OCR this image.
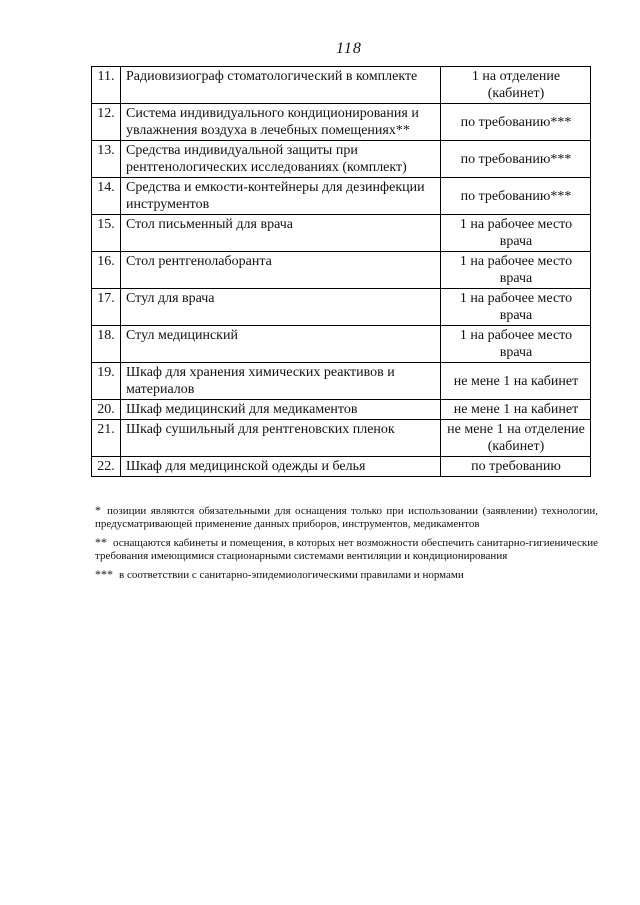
118
11.	Радиовизиограф стоматологический в комплекте	1 на отделение (кабинет)
12.	Система индивидуального кондиционирования и увлажнения воздуха в лечебных помещениях**	по требованию***
13.	Средства индивидуальной защиты при рентгенологических исследованиях (комплект)	по требованию***
14.	Средства и емкости-контейнеры для дезинфекции инструментов	по требованию***
15.	Стол письменный для врача	1 на рабочее место врача
16.	Стол рентгенолаборанта	1 на рабочее место врача
17.	Стул для врача	1 на рабочее место врача
18.	Стул медицинский	1 на рабочее место врача
19.	Шкаф для хранения химических реактивов и материалов	не мене 1 на кабинет
20.	Шкаф медицинский для медикаментов	не мене 1 на кабинет
21.	Шкаф сушильный для рентгеновских пленок	не мене 1 на отделение (кабинет)
22.	Шкаф для медицинской одежды и белья	по требованию

* позиции являются обязательными для оснащения только при использовании (заявлении) технологии, предусматривающей применение данных приборов, инструментов, медикаментов

** оснащаются кабинеты и помещения, в которых нет возможности обеспечить санитарно-гигиенические требования имеющимися стационарными системами вентиляции и кондиционирования

*** в соответствии с санитарно-эпидемиологическими правилами и нормами
